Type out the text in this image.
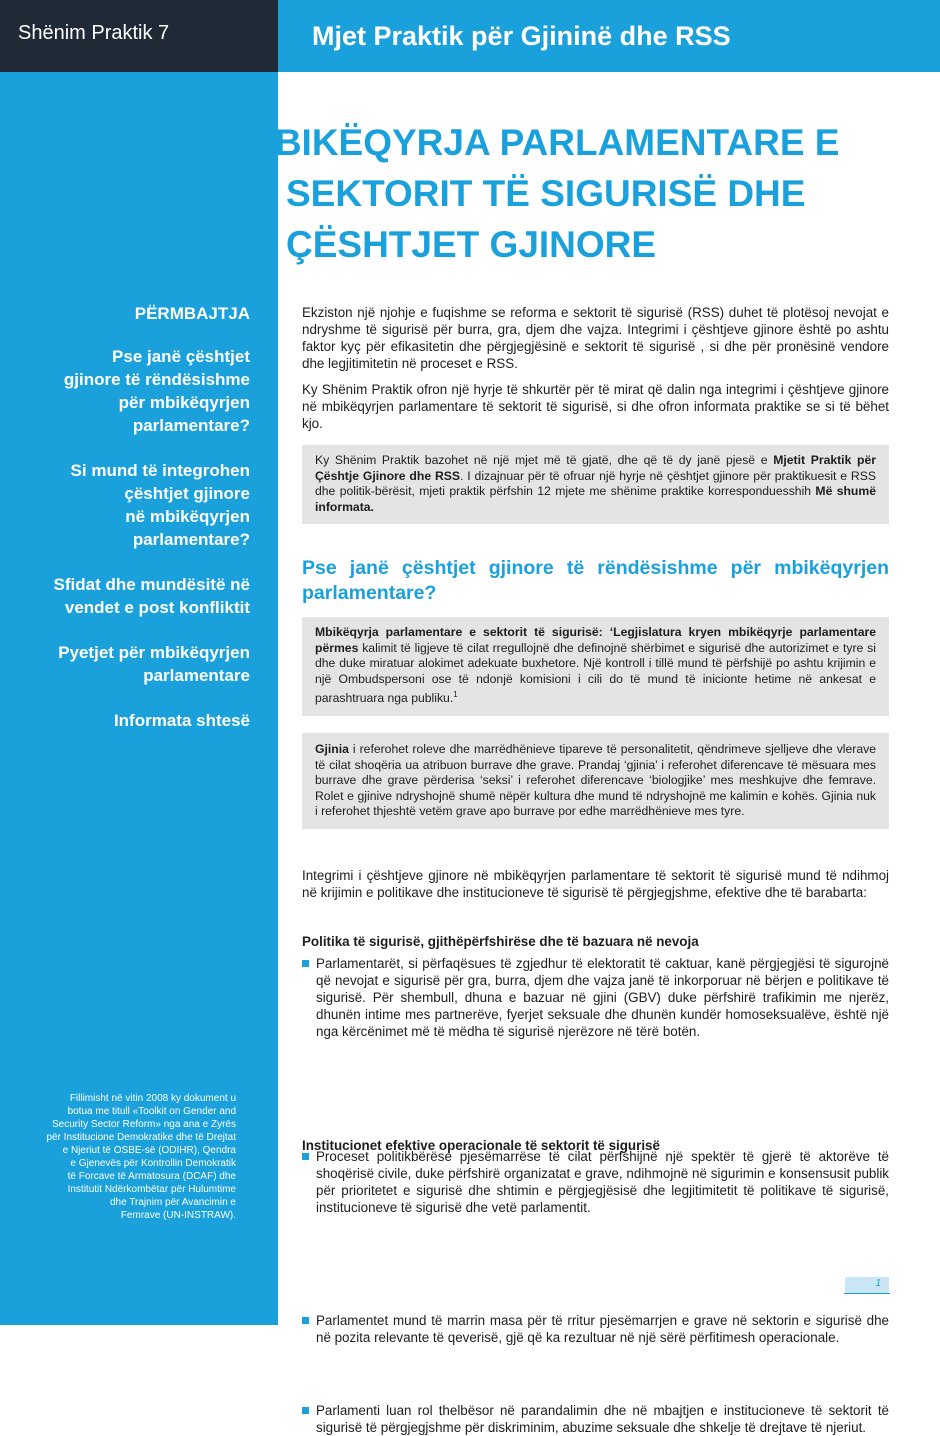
Shënim Praktik 7	Mjet Praktik për Gjininë dhe RSS
MBIKËQYRJA PARLAMENTARE E
SEKTORIT TË SIGURISË DHE
ÇËSHTJET GJINORE
PËRMBAJTJA
Pse janë çështjet
gjinore të rëndësishme
për mbikëqyrjen
parlamentare?
Si mund të integrohen
çështjet gjinore
në mbikëqyrjen
parlamentare?
Sfidat dhe mundësitë në
vendet e post konfliktit
Pyetjet për mbikëqyrjen
parlamentare
Informata shtesë
Fillimisht në vitin 2008 ky dokument u
botua me titull «Toolkit on Gender and
Security Sector Reform» nga ana e Zyrës
për Institucione Demokratike dhe të Drejtat
e Njeriut të OSBE-së (ODIHR), Qendra
e Gjenevës për Kontrollin Demokratik
të Forcave të Armatosura (DCAF) dhe
Institutit Ndërkombëtar për Hulumtime
dhe Trajnim për Avancimin e
Femrave (UN-INSTRAW).
Ekziston një njohje e fuqishme se reforma e sektorit të sigurisë (RSS) duhet të plotësoj nevojat e ndryshme të sigurisë për burra, gra, djem dhe vajza. Integrimi i çështjeve gjinore është po ashtu faktor kyç për efikasitetin dhe përgjegjësinë e sektorit të sigurisë , si dhe për pronësinë vendore dhe legjitimitetin në proceset e RSS.
Ky Shënim Praktik ofron një hyrje të shkurtër për të mirat që dalin nga integrimi i çështjeve gjinore në mbikëqyrjen parlamentare të sektorit të sigurisë, si dhe ofron informata praktike se si të bëhet kjo.
Ky Shënim Praktik bazohet në një mjet më të gjatë, dhe që të dy janë pjesë e Mjetit Praktik për Çështje Gjinore dhe RSS. I dizajnuar për të ofruar një hyrje në çështjet gjinore për praktikuesit e RSS dhe politik-bërësit, mjeti praktik përfshin 12 mjete me shënime praktike korresponduesshih Më shumë informata.
Pse janë çështjet gjinore të rëndësishme për mbikëqyrjen parlamentare?
Mbikëqyrja parlamentare e sektorit të sigurisë: ‘Legjislatura kryen mbikëqyrje parlamentare përmes kalimit të ligjeve të cilat rregullojnë dhe definojnë shërbimet e sigurisë dhe autorizimet e tyre si dhe duke miratuar alokimet adekuate buxhetore. Një kontroll i tillë mund të përfshijë po ashtu krijimin e një Ombudspersoni ose të ndonjë komisioni i cili do të mund të inicionte hetime në ankesat e parashtruara nga publiku.$^1$
Gjinia i referohet roleve dhe marrëdhënieve tipareve të personalitetit, qëndrimeve sjelljeve dhe vlerave të cilat shoqëria ua atribuon burrave dhe grave. Prandaj ‘gjinia’ i referohet diferencave të mësuara mes burrave dhe grave përderisa ‘seksi’ i referohet diferencave ‘biologjike’ mes meshkujve dhe femrave. Rolet e gjinive ndryshojnë shumë nëpër kultura dhe mund të ndryshojnë me kalimin e kohës. Gjinia nuk i referohet thjeshtë vetëm grave apo burrave por edhe marrëdhënieve mes tyre.
Integrimi i çështjeve gjinore në mbikëqyrjen parlamentare të sektorit të sigurisë mund të ndihmoj në krijimin e politikave dhe institucioneve të sigurisë të përgjegjshme, efektive dhe të barabarta:
Politika të sigurisë, gjithëpërfshirëse dhe të bazuara në nevoja
Parlamentarët, si përfaqësues të zgjedhur të elektoratit të caktuar, kanë përgjegjësi të sigurojnë që nevojat e sigurisë për gra, burra, djem dhe vajza janë të inkorporuar në bërjen e politikave të sigurisë. Për shembull, dhuna e bazuar në gjini (GBV) duke përfshirë trafikimin me njerëz, dhunën intime mes partnerëve, fyerjet seksuale dhe dhunën kundër homoseksualëve, është një nga kërcënimet më të mëdha të sigurisë njerëzore në tërë botën.
Proceset politikbërëse pjesëmarrëse të cilat përfshijnë një spektër të gjerë të aktorëve të shoqërisë civile, duke përfshirë organizatat e grave, ndihmojnë në sigurimin e konsensusit publik për prioritetet e sigurisë dhe shtimin e përgjegjësisë dhe legjitimitetit të politikave të sigurisë, institucioneve të sigurisë dhe vetë parlamentit.
Institucionet efektive operacionale të sektorit të sigurisë
Parlamentet mund të marrin masa për të rritur pjesëmarrjen e grave në sektorin e sigurisë dhe në pozita relevante të qeverisë, gjë që ka rezultuar në një sërë përfitimesh operacionale.
Parlamenti luan rol thelbësor në parandalimin dhe në mbajtjen e institucioneve të sektorit të sigurisë të përgjegjshme për diskriminim, abuzime seksuale dhe shkelje të drejtave të njeriut.
1
